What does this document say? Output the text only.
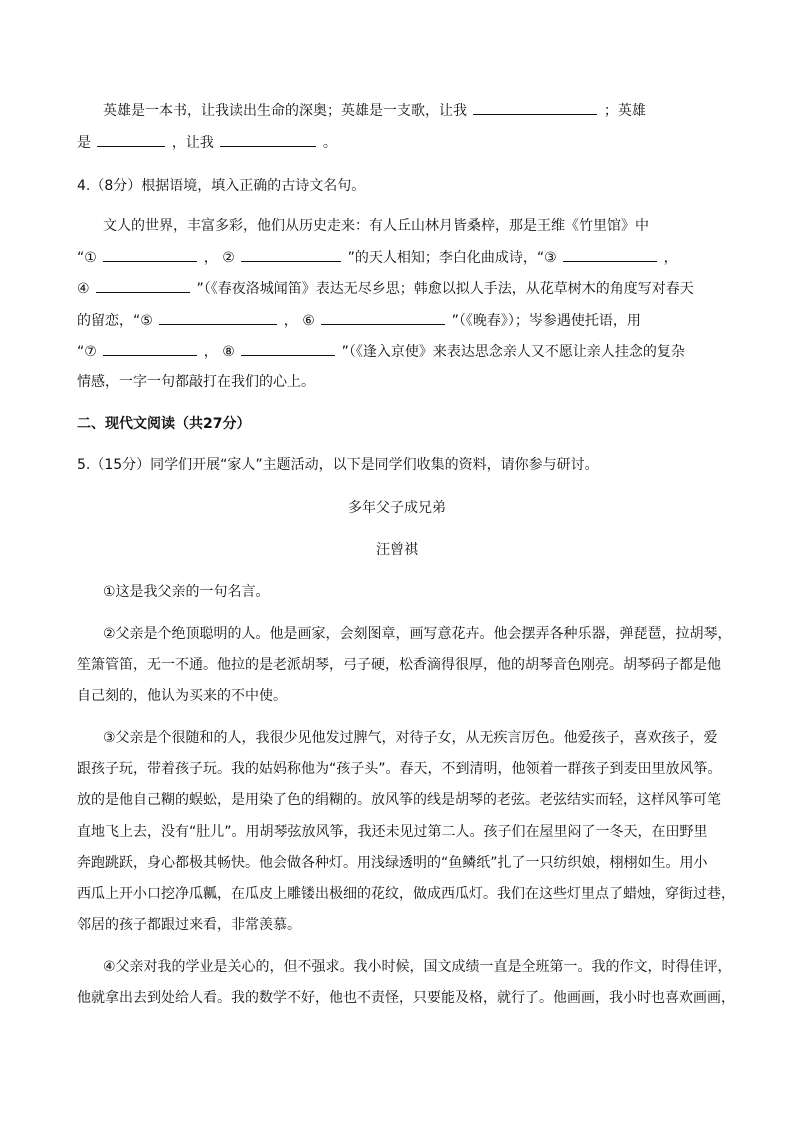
英雄是一本书，让我读出生命的深奥；英雄是一支歌，让我	；英雄
是	，让我	。
4.（8分）根据语境，填入正确的古诗文名句。
文人的世界，丰富多彩，他们从历史走来：有人丘山林月皆桑梓，那是王维《竹里馆》中
“①	， ②	”的天人相知；李白化曲成诗，“③	，
④	”（《春夜洛城闻笛》表达无尽乡思；韩愈以拟人手法，从花草树木的角度写对春天
的留恋，“⑤	， ⑥	”（《晚春》）；岑参遇使托语，用
“⑦	， ⑧	”（《逢入京使》来表达思念亲人又不愿让亲人挂念的复杂
情感，一字一句都敲打在我们的心上。
二、现代文阅读（共27分）
5.（15分）同学们开展“家人”主题活动，以下是同学们收集的资料，请你参与研讨。
多年父子成兄弟
汪曾祺
①这是我父亲的一句名言。
②父亲是个绝顶聪明的人。他是画家，会刻图章，画写意花卉。他会摆弄各种乐器，弹琵琶，拉胡琴，
笙箫管笛，无一不通。他拉的是老派胡琴，弓子硬，松香滴得很厚，他的胡琴音色刚亮。胡琴码子都是他
自己刻的，他认为买来的不中使。
③父亲是个很随和的人，我很少见他发过脾气，对待子女，从无疾言厉色。他爱孩子，喜欢孩子，爱
跟孩子玩，带着孩子玩。我的姑妈称他为“孩子头”。春天，不到清明，他领着一群孩子到麦田里放风筝。
放的是他自己糊的蜈蚣，是用染了色的绢糊的。放风筝的线是胡琴的老弦。老弦结实而轻，这样风筝可笔
直地飞上去，没有“肚儿”。用胡琴弦放风筝，我还未见过第二人。孩子们在屋里闷了一冬天，在田野里
奔跑跳跃，身心都极其畅快。他会做各种灯。用浅绿透明的“鱼鳞纸”扎了一只纺织娘，栩栩如生。用小
西瓜上开小口挖净瓜瓤，在瓜皮上雕镂出极细的花纹，做成西瓜灯。我们在这些灯里点了蜡烛，穿街过巷，
邻居的孩子都跟过来看，非常羡慕。
④父亲对我的学业是关心的，但不强求。我小时候，国文成绩一直是全班第一。我的作文，时得佳评，
他就拿出去到处给人看。我的数学不好，他也不责怪，只要能及格，就行了。他画画，我小时也喜欢画画，
